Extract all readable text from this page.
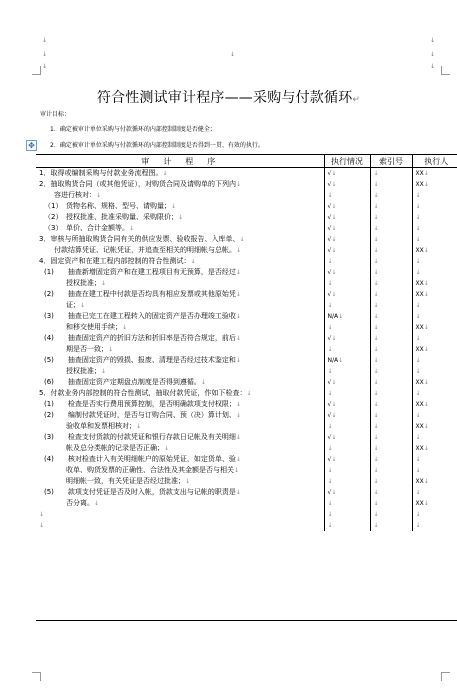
↓
↓
↓
↓
↓
↓
↓
符合性测试审计程序——采购与付款循环↵
审计目标：
1．确定被审计单位采购与付款循环的内部控制制度是否健全；
2．确定被审计单位采购与付款循环的内部控制制度是否得到一贯、有效的执行。
✥
审　计　程　序	执行情况	索引号	执行人
1．取得或编制采购与付款业务流程图。↓	√↓	↓	XX↓
2．抽取购货合同（或其他凭证），对购货合同及请购单的下列内↓	√↓	↓	XX↓
容进行核对：↓	↓	↓	↓
（1）　货物名称、规格、型号、请购量；↓	√↓	↓	↓
（2）　授权批准、批准采购量、采购限价；↓	√↓	↓	↓
（3）　单价、合计金额等。↓	√↓	↓	↓
3．审核与所抽取购货合同有关的供应发票、验收报告、入库单、↓	√↓	↓	↓
付款结算凭证、记帐凭证，并追查至相关的明细帐与总帐。↓	√↓	↓	XX↓
4．固定资产和在建工程内部控制的符合性测试：↓	↓	↓	↓
(1)　　抽查新增固定资产和在建工程项目有无预算，是否经过↓	√↓	↓	↓
授权批准；↓	↓	↓	XX↓
(2)　　抽查在建工程中付款是否均具有相应发票或其他原始凭↓	√↓	↓	XX↓
证；↓	↓	↓	↓
(3)　　抽查已完工在建工程转入的固定资产是否办理竣工验收↓	N/A↓	↓	↓
和移交使用手续；↓	↓	↓	XX↓
(4)　　抽查固定资产的折旧方法和折旧率是否符合规定，前后↓	√↓	↓	↓
期是否一致；↓	↓	↓	XX↓
(5)　　抽查固定资产的毁损、报废、清理是否经过技术鉴定和↓	N/A↓	↓	↓
授权批准；↓	↓	↓	↓
(6)　　抽查固定资产定期盘点制度是否得到遵循。↓	√↓	↓	XX↓
5．付款业务内部控制的符合性测试，抽取付款凭证，作如下检查：↓	↓	↓	↓
(1)　　检查是否实行费用预算控制，是否明确款项支付权限；↓	√↓	↓	XX↓
(2)　　编制付款凭证时，是否与订购合同、预（决）算计划、↓	√↓	↓	↓
验收单和发票相核对；↓	↓	↓	XX↓
(3)　　检查支付货款的付款凭证和银行存款日记帐及有关明细↓	√↓	↓	↓
帐及总分类帐的记录是否正确；↓	↓	↓	XX↓
(4)　　核对检查计入有关明细帐户的原始凭证，如定货单、验↓	√↓	↓	↓
收单、购货发票的正确性、合法性及其金额是否与相关↓	↓	↓	↓
明细帐一致，有关凭证是否经过批准；↓	↓	↓	XX↓
(5)　　款项支付凭证是否及时入帐，货款支出与记帐的职责是↓	√↓	↓	↓
否分离。↓	↓	↓	XX↓
↓	↓	↓	↓
↓	↓	↓	↓
